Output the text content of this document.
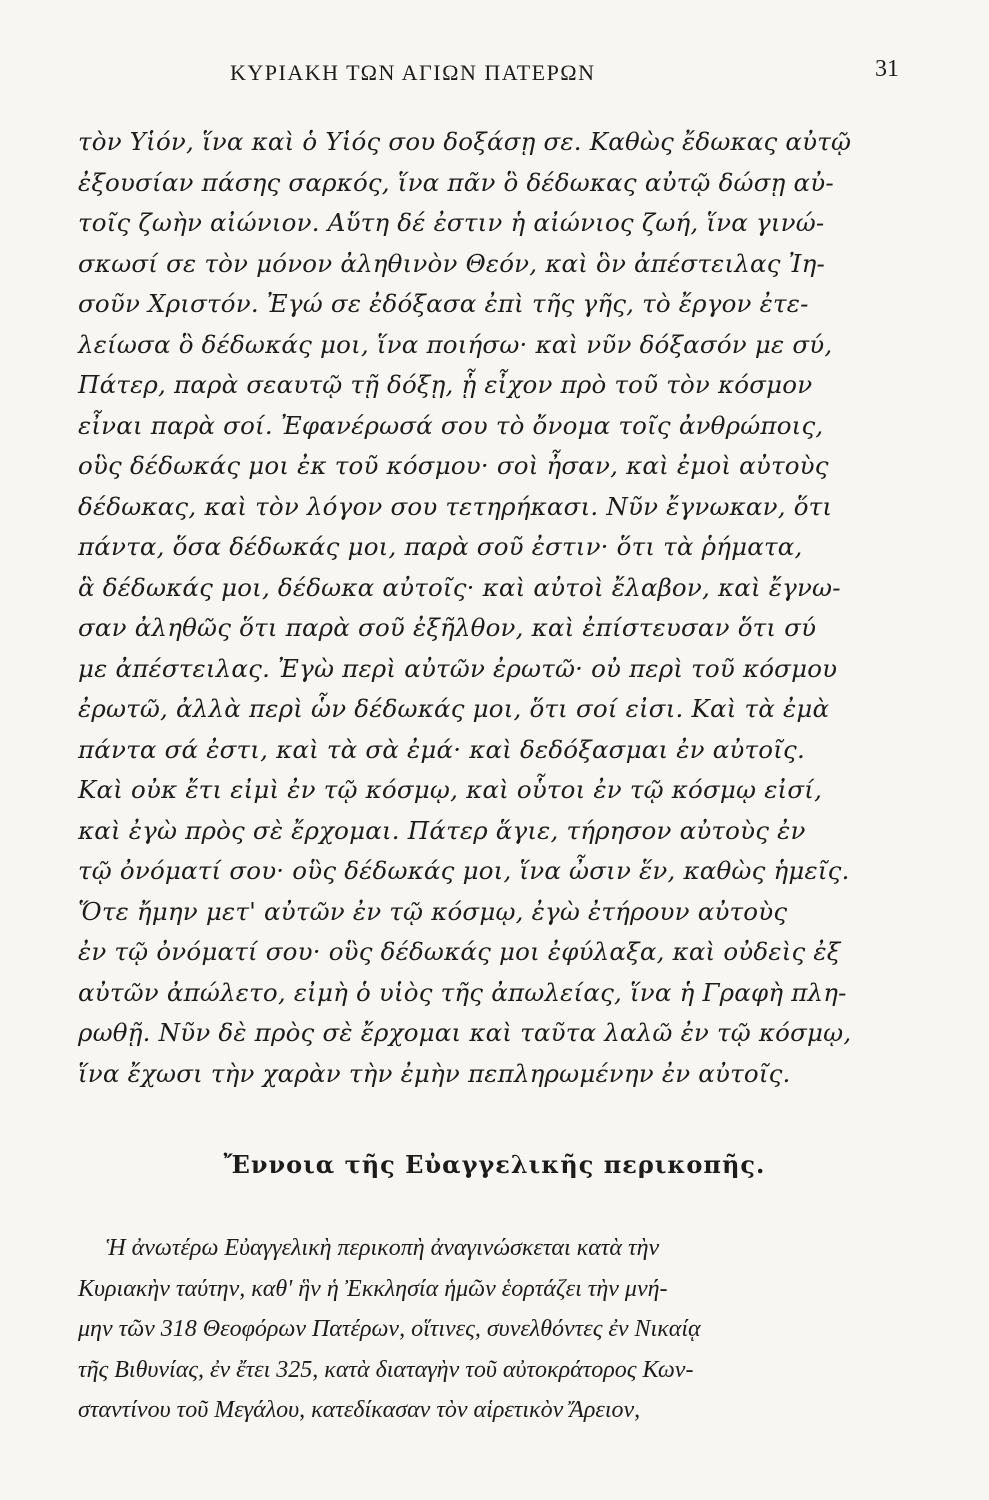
ΚΥΡΙΑΚΗ ΤΩΝ ΑΓΙΩΝ ΠΑΤΕΡΩΝ	31
τὸν Υἱόν, ἵνα καὶ ὁ Υἱός σου δοξάσῃ σε. Καθὼς ἔδωκας αὐτῷ
ἐξουσίαν πάσης σαρκός, ἵνα πᾶν ὃ δέδωκας αὐτῷ δώσῃ αὐ-
τοῖς ζωὴν αἰώνιον. Αὕτη δέ ἐστιν ἡ αἰώνιος ζωή, ἵνα γινώ-
σκωσί σε τὸν μόνον ἀληθινὸν Θεόν, καὶ ὃν ἀπέστειλας Ἰη-
σοῦν Χριστόν. Ἐγώ σε ἐδόξασα ἐπὶ τῆς γῆς, τὸ ἔργον ἐτε-
λείωσα ὃ δέδωκάς μοι, ἵνα ποιήσω· καὶ νῦν δόξασόν με σύ,
Πάτερ, παρὰ σεαυτῷ τῇ δόξῃ, ᾗ εἶχον πρὸ τοῦ τὸν κόσμον
εἶναι παρὰ σοί. Ἐφανέρωσά σου τὸ ὄνομα τοῖς ἀνθρώποις,
οὓς δέδωκάς μοι ἐκ τοῦ κόσμου· σοὶ ἦσαν, καὶ ἐμοὶ αὐτοὺς
δέδωκας, καὶ τὸν λόγον σου τετηρήκασι. Νῦν ἔγνωκαν, ὅτι
πάντα, ὅσα δέδωκάς μοι, παρὰ σοῦ ἐστιν· ὅτι τὰ ῥήματα,
ἃ δέδωκάς μοι, δέδωκα αὐτοῖς· καὶ αὐτοὶ ἔλαβον, καὶ ἔγνω-
σαν ἀληθῶς ὅτι παρὰ σοῦ ἐξῆλθον, καὶ ἐπίστευσαν ὅτι σύ
με ἀπέστειλας. Ἐγὼ περὶ αὐτῶν ἐρωτῶ· οὐ περὶ τοῦ κόσμου
ἐρωτῶ, ἀλλὰ περὶ ὧν δέδωκάς μοι, ὅτι σοί εἰσι. Καὶ τὰ ἐμὰ
πάντα σά ἐστι, καὶ τὰ σὰ ἐμά· καὶ δεδόξασμαι ἐν αὐτοῖς.
Καὶ οὐκ ἔτι εἰμὶ ἐν τῷ κόσμῳ, καὶ οὗτοι ἐν τῷ κόσμῳ εἰσί,
καὶ ἐγὼ πρὸς σὲ ἔρχομαι. Πάτερ ἅγιε, τήρησον αὐτοὺς ἐν
τῷ ὀνόματί σου· οὓς δέδωκάς μοι, ἵνα ὦσιν ἕν, καθὼς ἡμεῖς.
Ὅτε ἤμην μετ' αὐτῶν ἐν τῷ κόσμῳ, ἐγὼ ἐτήρουν αὐτοὺς
ἐν τῷ ὀνόματί σου· οὓς δέδωκάς μοι ἐφύλαξα, καὶ οὐδεὶς ἐξ
αὐτῶν ἀπώλετο, εἰμὴ ὁ υἱὸς τῆς ἀπωλείας, ἵνα ἡ Γραφὴ πλη-
ρωθῇ. Νῦν δὲ πρὸς σὲ ἔρχομαι καὶ ταῦτα λαλῶ ἐν τῷ κόσμῳ,
ἵνα ἔχωσι τὴν χαρὰν τὴν ἐμὴν πεπληρωμένην ἐν αὐτοῖς.
Ἔννοια τῆς Εὐαγγελικῆς περικοπῆς.
Ἡ ἀνωτέρω Εὐαγγελικὴ περικοπὴ ἀναγινώσκεται κατὰ τὴν
Κυριακὴν ταύτην, καθ' ἣν ἡ Ἐκκλησία ἡμῶν ἑορτάζει τὴν μνή-
μην τῶν 318 Θεοφόρων Πατέρων, οἵτινες, συνελθόντες ἐν Νικαίᾳ
τῆς Βιθυνίας, ἐν ἔτει 325, κατὰ διαταγὴν τοῦ αὐτοκράτορος Κων-
σταντίνου τοῦ Μεγάλου, κατεδίκασαν τὸν αἱρετικὸν Ἄρειον,
